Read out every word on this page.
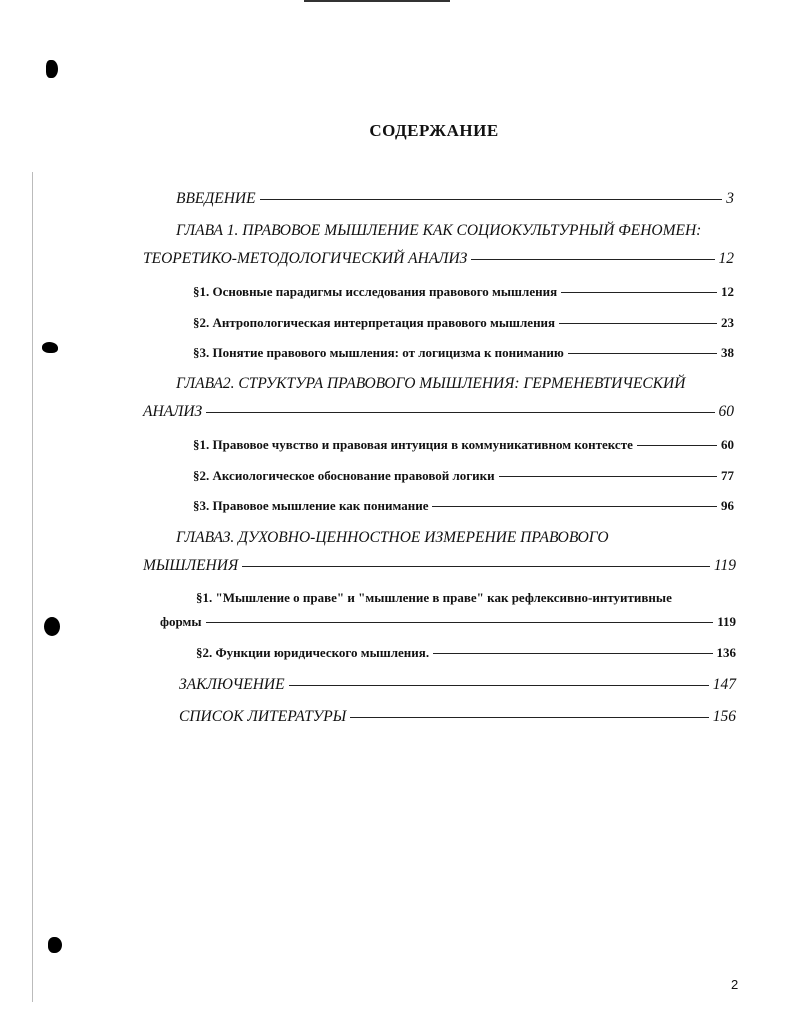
СОДЕРЖАНИЕ
ВВЕДЕНИЕ	3
ГЛАВА 1. ПРАВОВОЕ МЫШЛЕНИЕ КАК СОЦИОКУЛЬТУРНЫЙ ФЕНОМЕН:
ТЕОРЕТИКО-МЕТОДОЛОГИЧЕСКИЙ АНАЛИЗ	12
§1. Основные парадигмы исследования правового мышления	12
§2. Антропологическая интерпретация правового мышления	23
§3. Понятие правового мышления: от логицизма к пониманию	38
ГЛАВА2. СТРУКТУРА ПРАВОВОГО МЫШЛЕНИЯ: ГЕРМЕНЕВТИЧЕСКИЙ
АНАЛИЗ	60
§1. Правовое чувство и правовая интуиция в коммуникативном контексте	60
§2. Аксиологическое обоснование правовой логики	77
§3. Правовое мышление как понимание	96
ГЛАВАЗ. ДУХОВНО-ЦЕННОСТНОЕ ИЗМЕРЕНИЕ ПРАВОВОГО
МЫШЛЕНИЯ	119
§1. "Мышление о праве" и "мышление в праве" как рефлексивно-интуитивные
формы	119
§2. Функции юридического мышления.	136
ЗАКЛЮЧЕНИЕ	147
СПИСОК ЛИТЕРАТУРЫ	156
2
